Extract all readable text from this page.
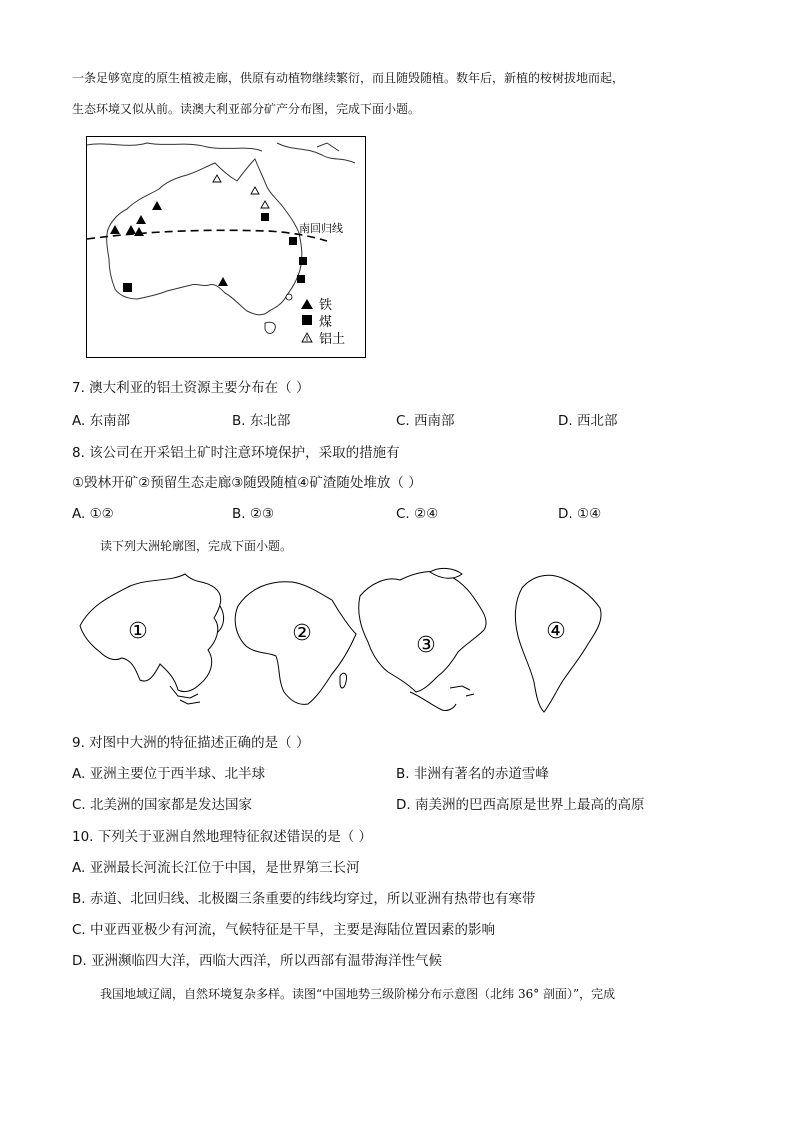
一条足够宽度的原生植被走廊，供原有动植物继续繁衍，而且随毁随植。数年后，新植的桉树拔地而起，
生态环境又似从前。读澳大利亚部分矿产分布图，完成下面小题。
南回归线
铁
煤
铝土
7. 澳大利亚的铝土资源主要分布在（ ）
A. 东南部	B. 东北部	C. 西南部	D. 西北部
8. 该公司在开采铝土矿时注意环境保护，采取的措施有
①毁林开矿②预留生态走廊③随毁随植④矿渣随处堆放（ ）
A. ①②	B. ②③	C. ②④	D. ①④
读下列大洲轮廓图，完成下面小题。
①	②	③
④
9. 对图中大洲的特征描述正确的是（ ）
A. 亚洲主要位于西半球、北半球	B. 非洲有著名的赤道雪峰
C. 北美洲的国家都是发达国家	D. 南美洲的巴西高原是世界上最高的高原
10. 下列关于亚洲自然地理特征叙述错误的是（ ）
A. 亚洲最长河流长江位于中国，是世界第三长河
B. 赤道、北回归线、北极圈三条重要的纬线均穿过，所以亚洲有热带也有寒带
C. 中亚西亚极少有河流，气候特征是干旱，主要是海陆位置因素的影响
D. 亚洲濒临四大洋，西临大西洋，所以西部有温带海洋性气候
我国地域辽阔，自然环境复杂多样。读图“中国地势三级阶梯分布示意图（北纬 36° 剖面）”，完成
